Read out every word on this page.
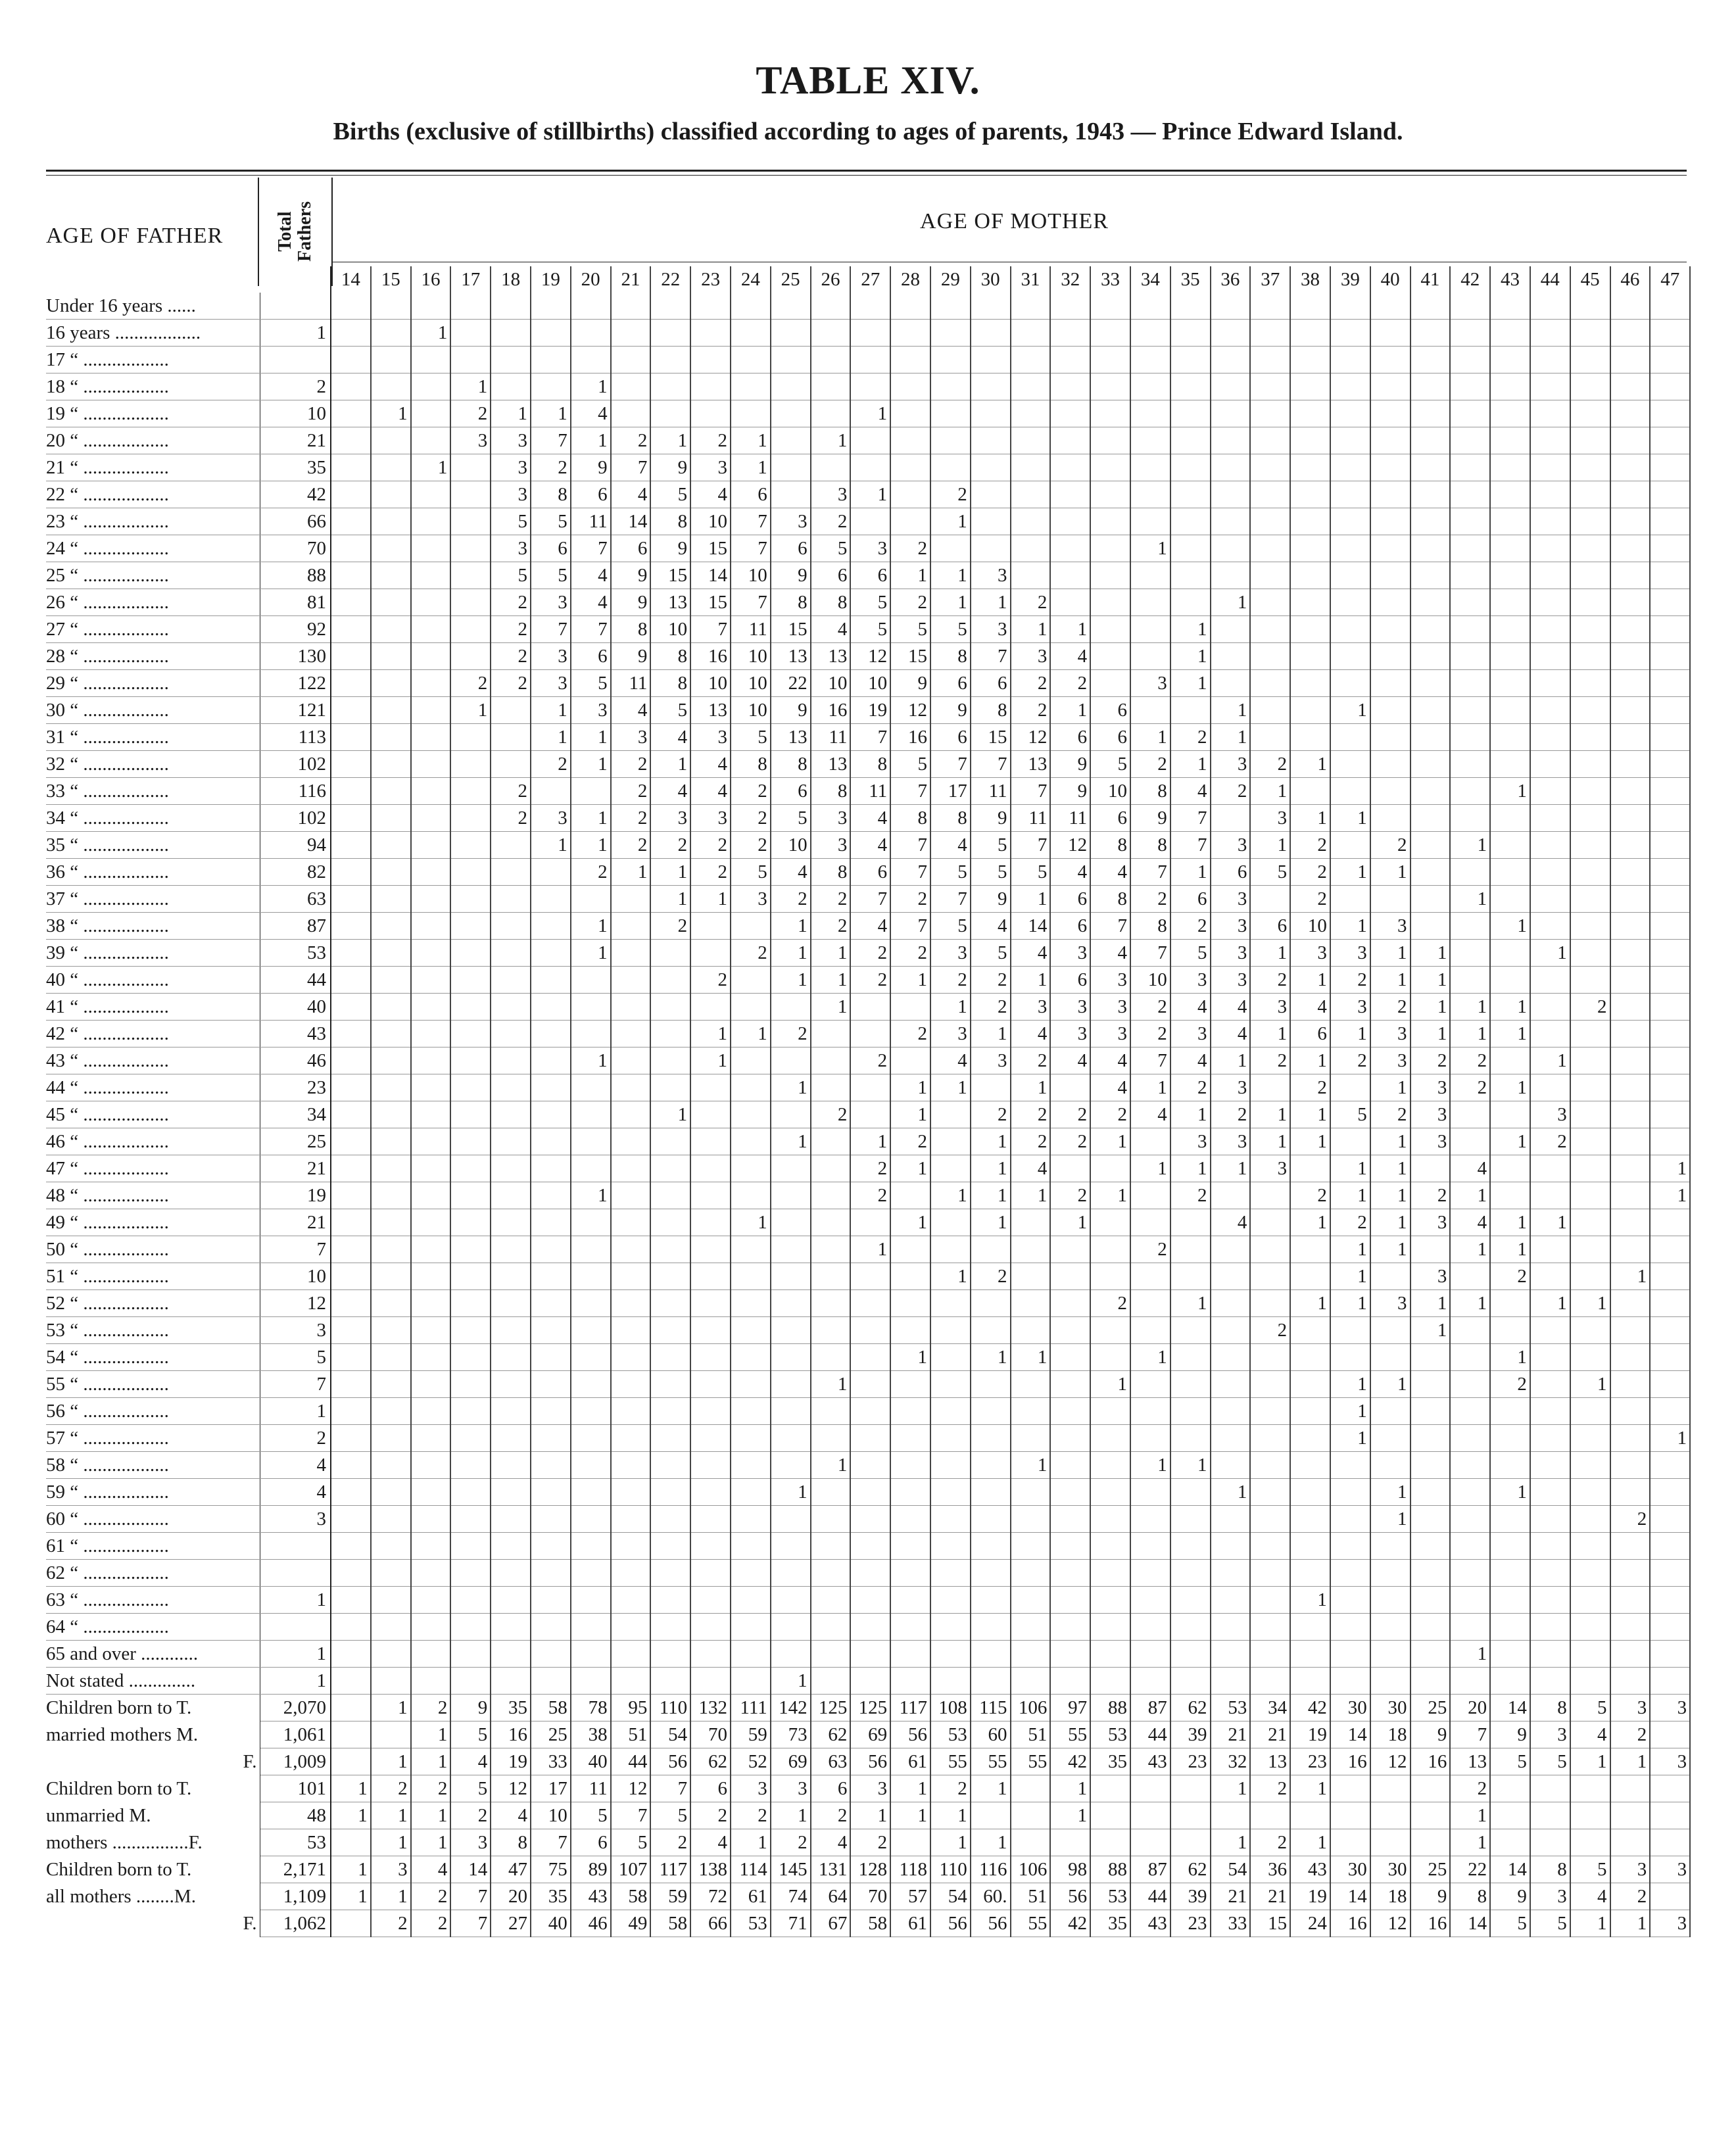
TABLE XIV.
Births (exclusive of stillbirths) classified according to ages of parents, 1943 — Prince Edward Island.
AGE OF FATHER	Total
Fathers	AGE OF MOTHER
		14	15	16	17	18	19	20	21	22	23	24	25	26	27	28	29	30	31	32	33	34	35	36	37	38	39	40	41	42	43	44	45	46	47
Under 16 years ......																																			
16 years ..................	1			1																															
17 “ ..................																																			
18 “ ..................	2				1			1																											
19 “ ..................	10		1		2	1	1	4							1																				
20 “ ..................	21				3	3	7	1	2	1	2	1		1																					
21 “ ..................	35			1		3	2	9	7	9	3	1																							
22 “ ..................	42					3	8	6	4	5	4	6		3	1		2																		
23 “ ..................	66					5	5	11	14	8	10	7	3	2			1																		
24 “ ..................	70					3	6	7	6	9	15	7	6	5	3	2						1													
25 “ ..................	88					5	5	4	9	15	14	10	9	6	6	1	1	3																	
26 “ ..................	81					2	3	4	9	13	15	7	8	8	5	2	1	1	2					1											
27 “ ..................	92					2	7	7	8	10	7	11	15	4	5	5	5	3	1	1			1												
28 “ ..................	130					2	3	6	9	8	16	10	13	13	12	15	8	7	3	4			1												
29 “ ..................	122				2	2	3	5	11	8	10	10	22	10	10	9	6	6	2	2		3	1												
30 “ ..................	121				1		1	3	4	5	13	10	9	16	19	12	9	8	2	1	6			1			1								
31 “ ..................	113						1	1	3	4	3	5	13	11	7	16	6	15	12	6	6	1	2	1											
32 “ ..................	102						2	1	2	1	4	8	8	13	8	5	7	7	13	9	5	2	1	3	2	1									
33 “ ..................	116					2			2	4	4	2	6	8	11	7	17	11	7	9	10	8	4	2	1						1				
34 “ ..................	102					2	3	1	2	3	3	2	5	3	4	8	8	9	11	11	6	9	7		3	1	1								
35 “ ..................	94						1	1	2	2	2	2	10	3	4	7	4	5	7	12	8	8	7	3	1	2		2		1					
36 “ ..................	82							2	1	1	2	5	4	8	6	7	5	5	5	4	4	7	1	6	5	2	1	1							
37 “ ..................	63									1	1	3	2	2	7	2	7	9	1	6	8	2	6	3		2				1					
38 “ ..................	87							1		2			1	2	4	7	5	4	14	6	7	8	2	3	6	10	1	3			1				
39 “ ..................	53							1				2	1	1	2	2	3	5	4	3	4	7	5	3	1	3	3	1	1			1			
40 “ ..................	44										2		1	1	2	1	2	2	1	6	3	10	3	3	2	1	2	1	1						
41 “ ..................	40													1			1	2	3	3	3	2	4	4	3	4	3	2	1	1	1		2		
42 “ ..................	43										1	1	2			2	3	1	4	3	3	2	3	4	1	6	1	3	1	1	1				
43 “ ..................	46							1			1				2		4	3	2	4	4	7	4	1	2	1	2	3	2	2		1			
44 “ ..................	23												1			1	1		1		4	1	2	3		2		1	3	2	1				
45 “ ..................	34									1				2		1		2	2	2	2	4	1	2	1	1	5	2	3			3			
46 “ ..................	25												1		1	2		1	2	2	1		3	3	1	1		1	3		1	2			
47 “ ..................	21														2	1		1	4			1	1	1	3		1	1		4					1
48 “ ..................	19							1							2		1	1	1	2	1		2			2	1	1	2	1					1
49 “ ..................	21											1				1		1		1				4		1	2	1	3	4	1	1			
50 “ ..................	7														1							2					1	1		1	1				
51 “ ..................	10																1	2									1		3		2			1	
52 “ ..................	12																				2		1			1	1	3	1	1		1	1		
53 “ ..................	3																								2				1						
54 “ ..................	5															1		1	1			1									1				
55 “ ..................	7													1							1						1	1			2		1		
56 “ ..................	1																										1								
57 “ ..................	2																										1								1
58 “ ..................	4													1					1			1	1												
59 “ ..................	4												1											1				1			1				
60 “ ..................	3																											1						2	
61 “ ..................																																			
62 “ ..................																																			
63 “ ..................	1																									1									
64 “ ..................																																			
65 and over ............	1																													1					
Not stated ..............	1												1																						
Children born to T.	2,070		1	2	9	35	58	78	95	110	132	111	142	125	125	117	108	115	106	97	88	87	62	53	34	42	30	30	25	20	14	8	5	3	3
married mothers M.	1,061			1	5	16	25	38	51	54	70	59	73	62	69	56	53	60	51	55	53	44	39	21	21	19	14	18	9	7	9	3	4	2	
F.	1,009		1	1	4	19	33	40	44	56	62	52	69	63	56	61	55	55	55	42	35	43	23	32	13	23	16	12	16	13	5	5	1	1	3
Children born to T.	101	1	2	2	5	12	17	11	12	7	6	3	3	6	3	1	2	1		1				1	2	1				2					

unmarried M.	48	1	1	1	2	4	10	5	7	5	2	2	1	2	1	1	1			1										1					
mothers ................F.	53		1	1	3	8	7	6	5	2	4	1	2	4	2		1	1						1	2	1				1					
Children born to T.	2,171	1	3	4	14	47	75	89	107	117	138	114	145	131	128	118	110	116	106	98	88	87	62	54	36	43	30	30	25	22	14	8	5	3	3
all mothers ........M.	1,109	1	1	2	7	20	35	43	58	59	72	61	74	64	70	57	54	60.	51	56	53	44	39	21	21	19	14	18	9	8	9	3	4	2	
F.	1,062		2	2	7	27	40	46	49	58	66	53	71	67	58	61	56	56	55	42	35	43	23	33	15	24	16	12	16	14	5	5	1	1	3
